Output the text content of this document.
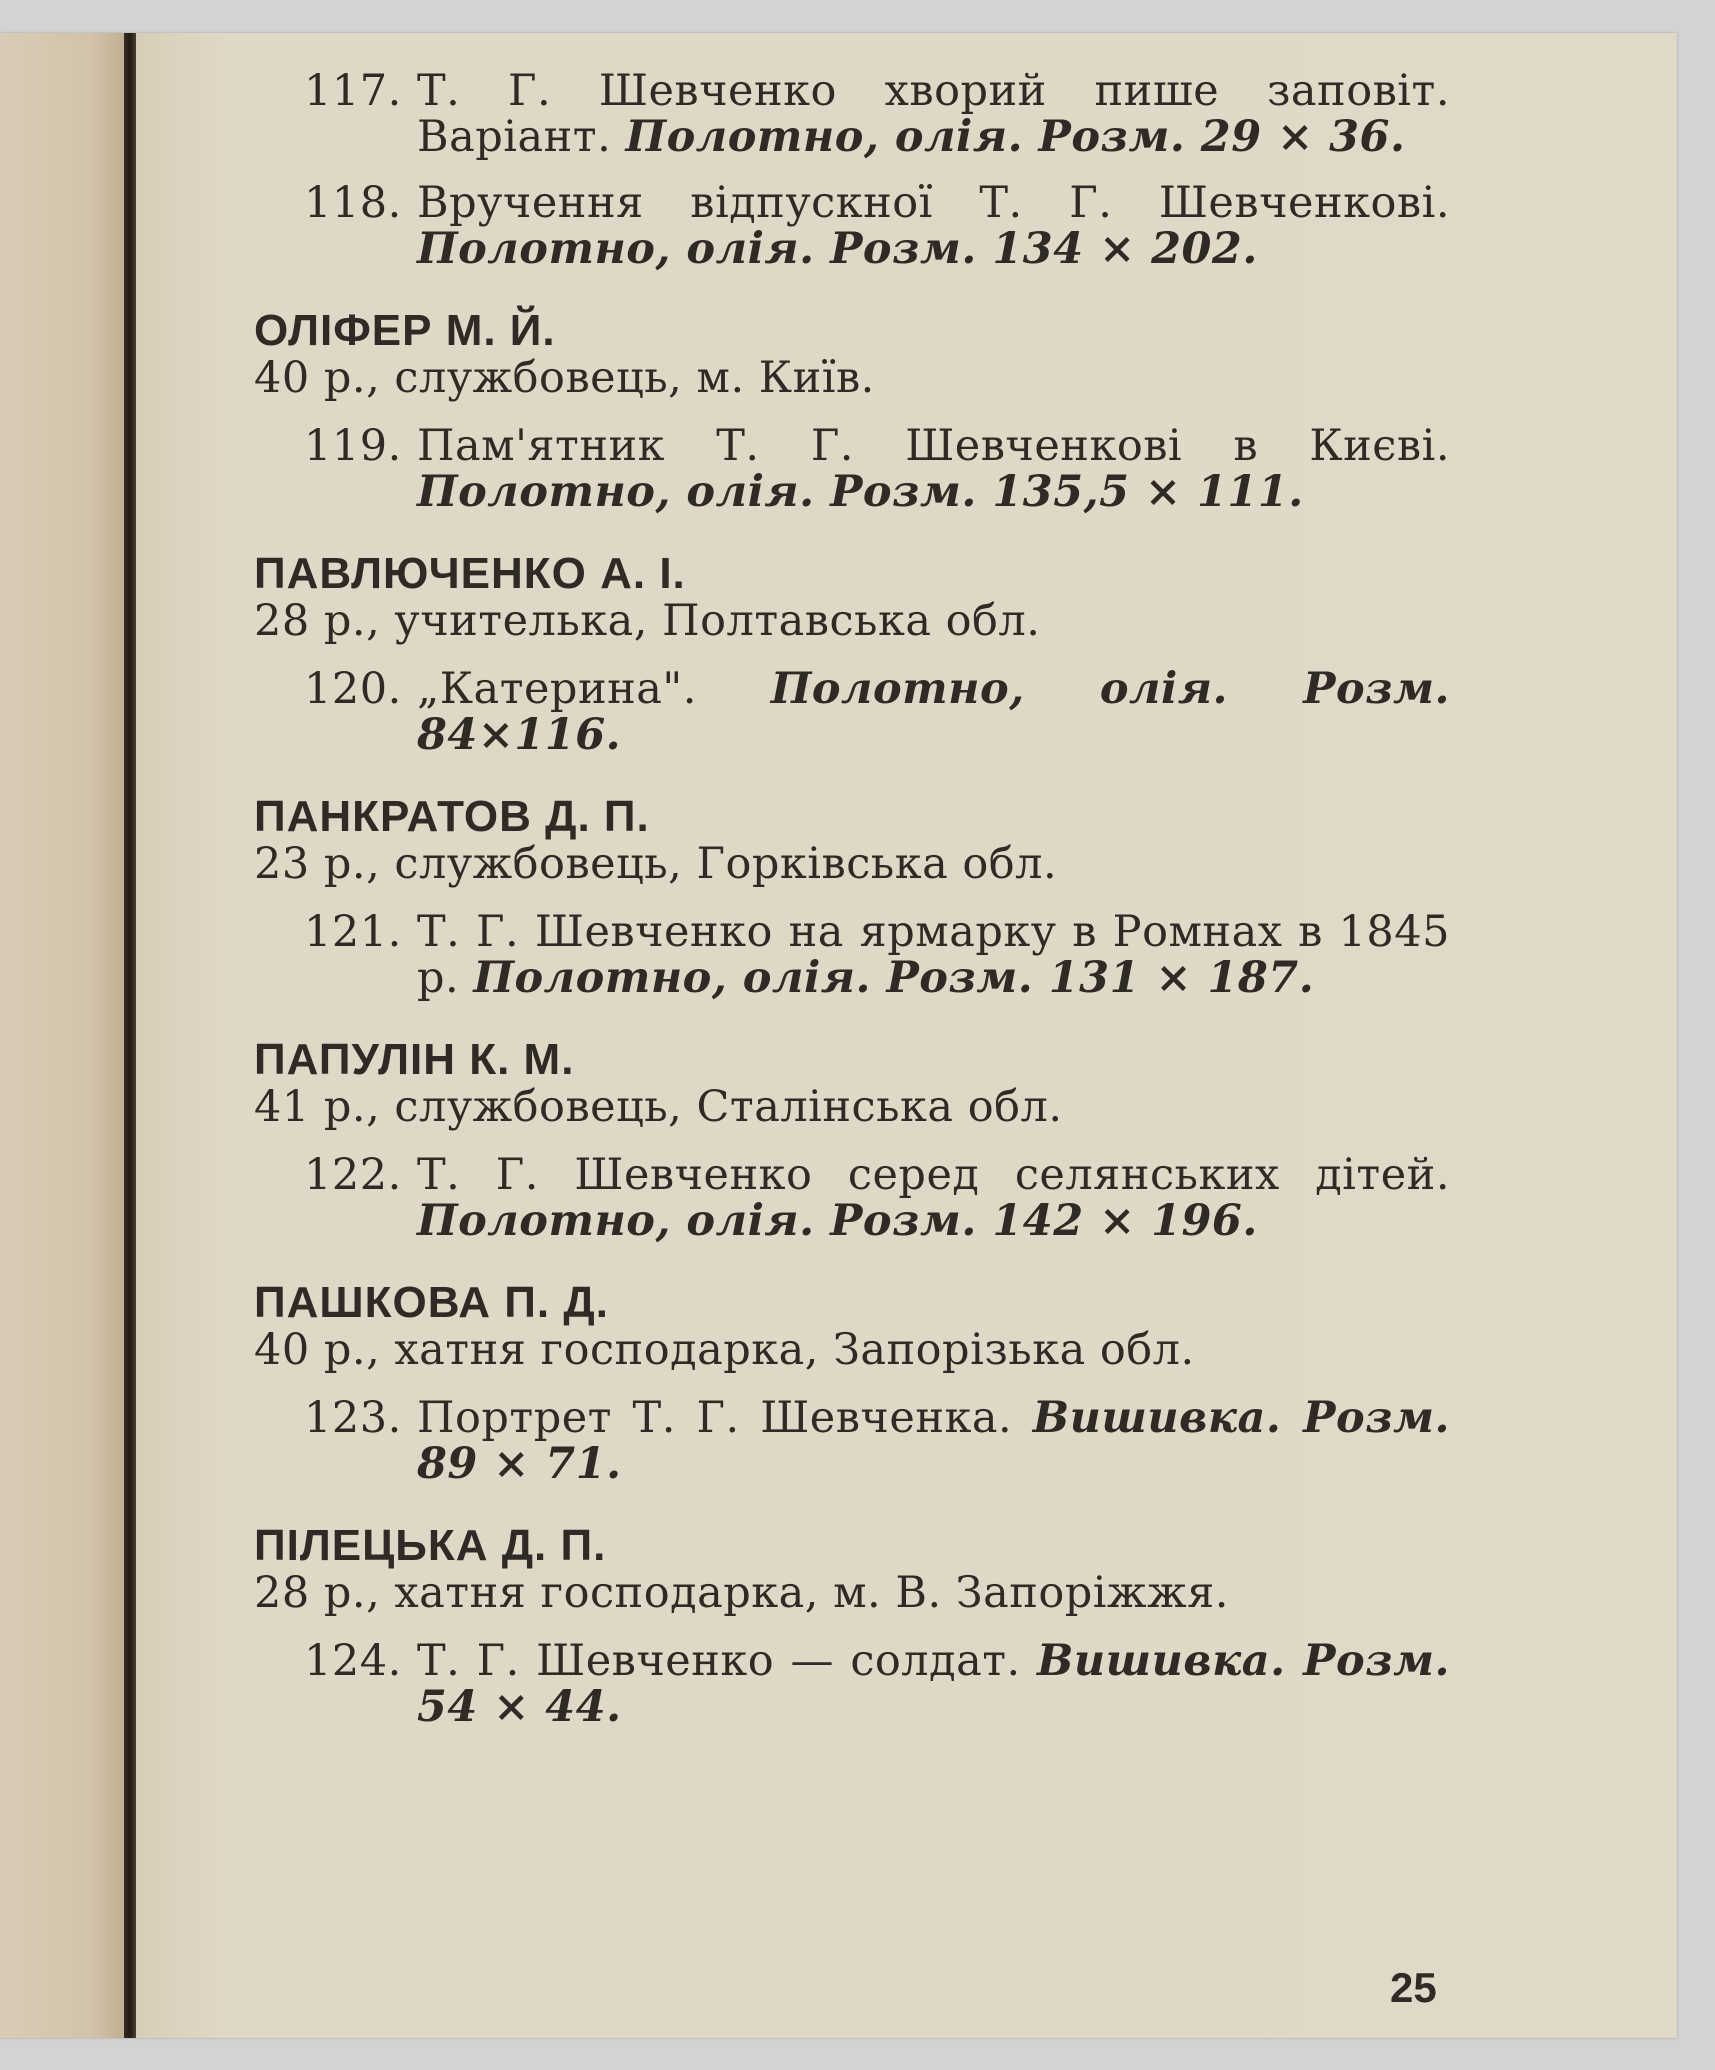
117. Т. Г. Шевченко хворий пише заповіт. Варіант. Полотно, олія. Розм. 29 × 36.
118. Вручення відпускної Т. Г. Шевченкові. Полотно, олія. Розм. 134 × 202.
ОЛІФЕР М. Й.
40 р., службовець, м. Київ.
119. Пам'ятник Т. Г. Шевченкові в Києві. Полотно, олія. Розм. 135,5 × 111.
ПАВЛЮЧЕНКО А. І.
28 р., учителька, Полтавська обл.
120. „Катерина". Полотно, олія. Розм. 84×116.
ПАНКРАТОВ Д. П.
23 р., службовець, Горківська обл.
121. Т. Г. Шевченко на ярмарку в Ромнах в 1845 р. Полотно, олія. Розм. 131 × 187.
ПАПУЛІН К. М.
41 р., службовець, Сталінська обл.
122. Т. Г. Шевченко серед селянських дітей. Полотно, олія. Розм. 142 × 196.
ПАШКОВА П. Д.
40 р., хатня господарка, Запорізька обл.
123. Портрет Т. Г. Шевченка. Вишивка. Розм. 89 × 71.
ПІЛЕЦЬКА Д. П.
28 р., хатня господарка, м. В. Запоріжжя.
124. Т. Г. Шевченко — солдат. Вишивка. Розм. 54 × 44.
25
